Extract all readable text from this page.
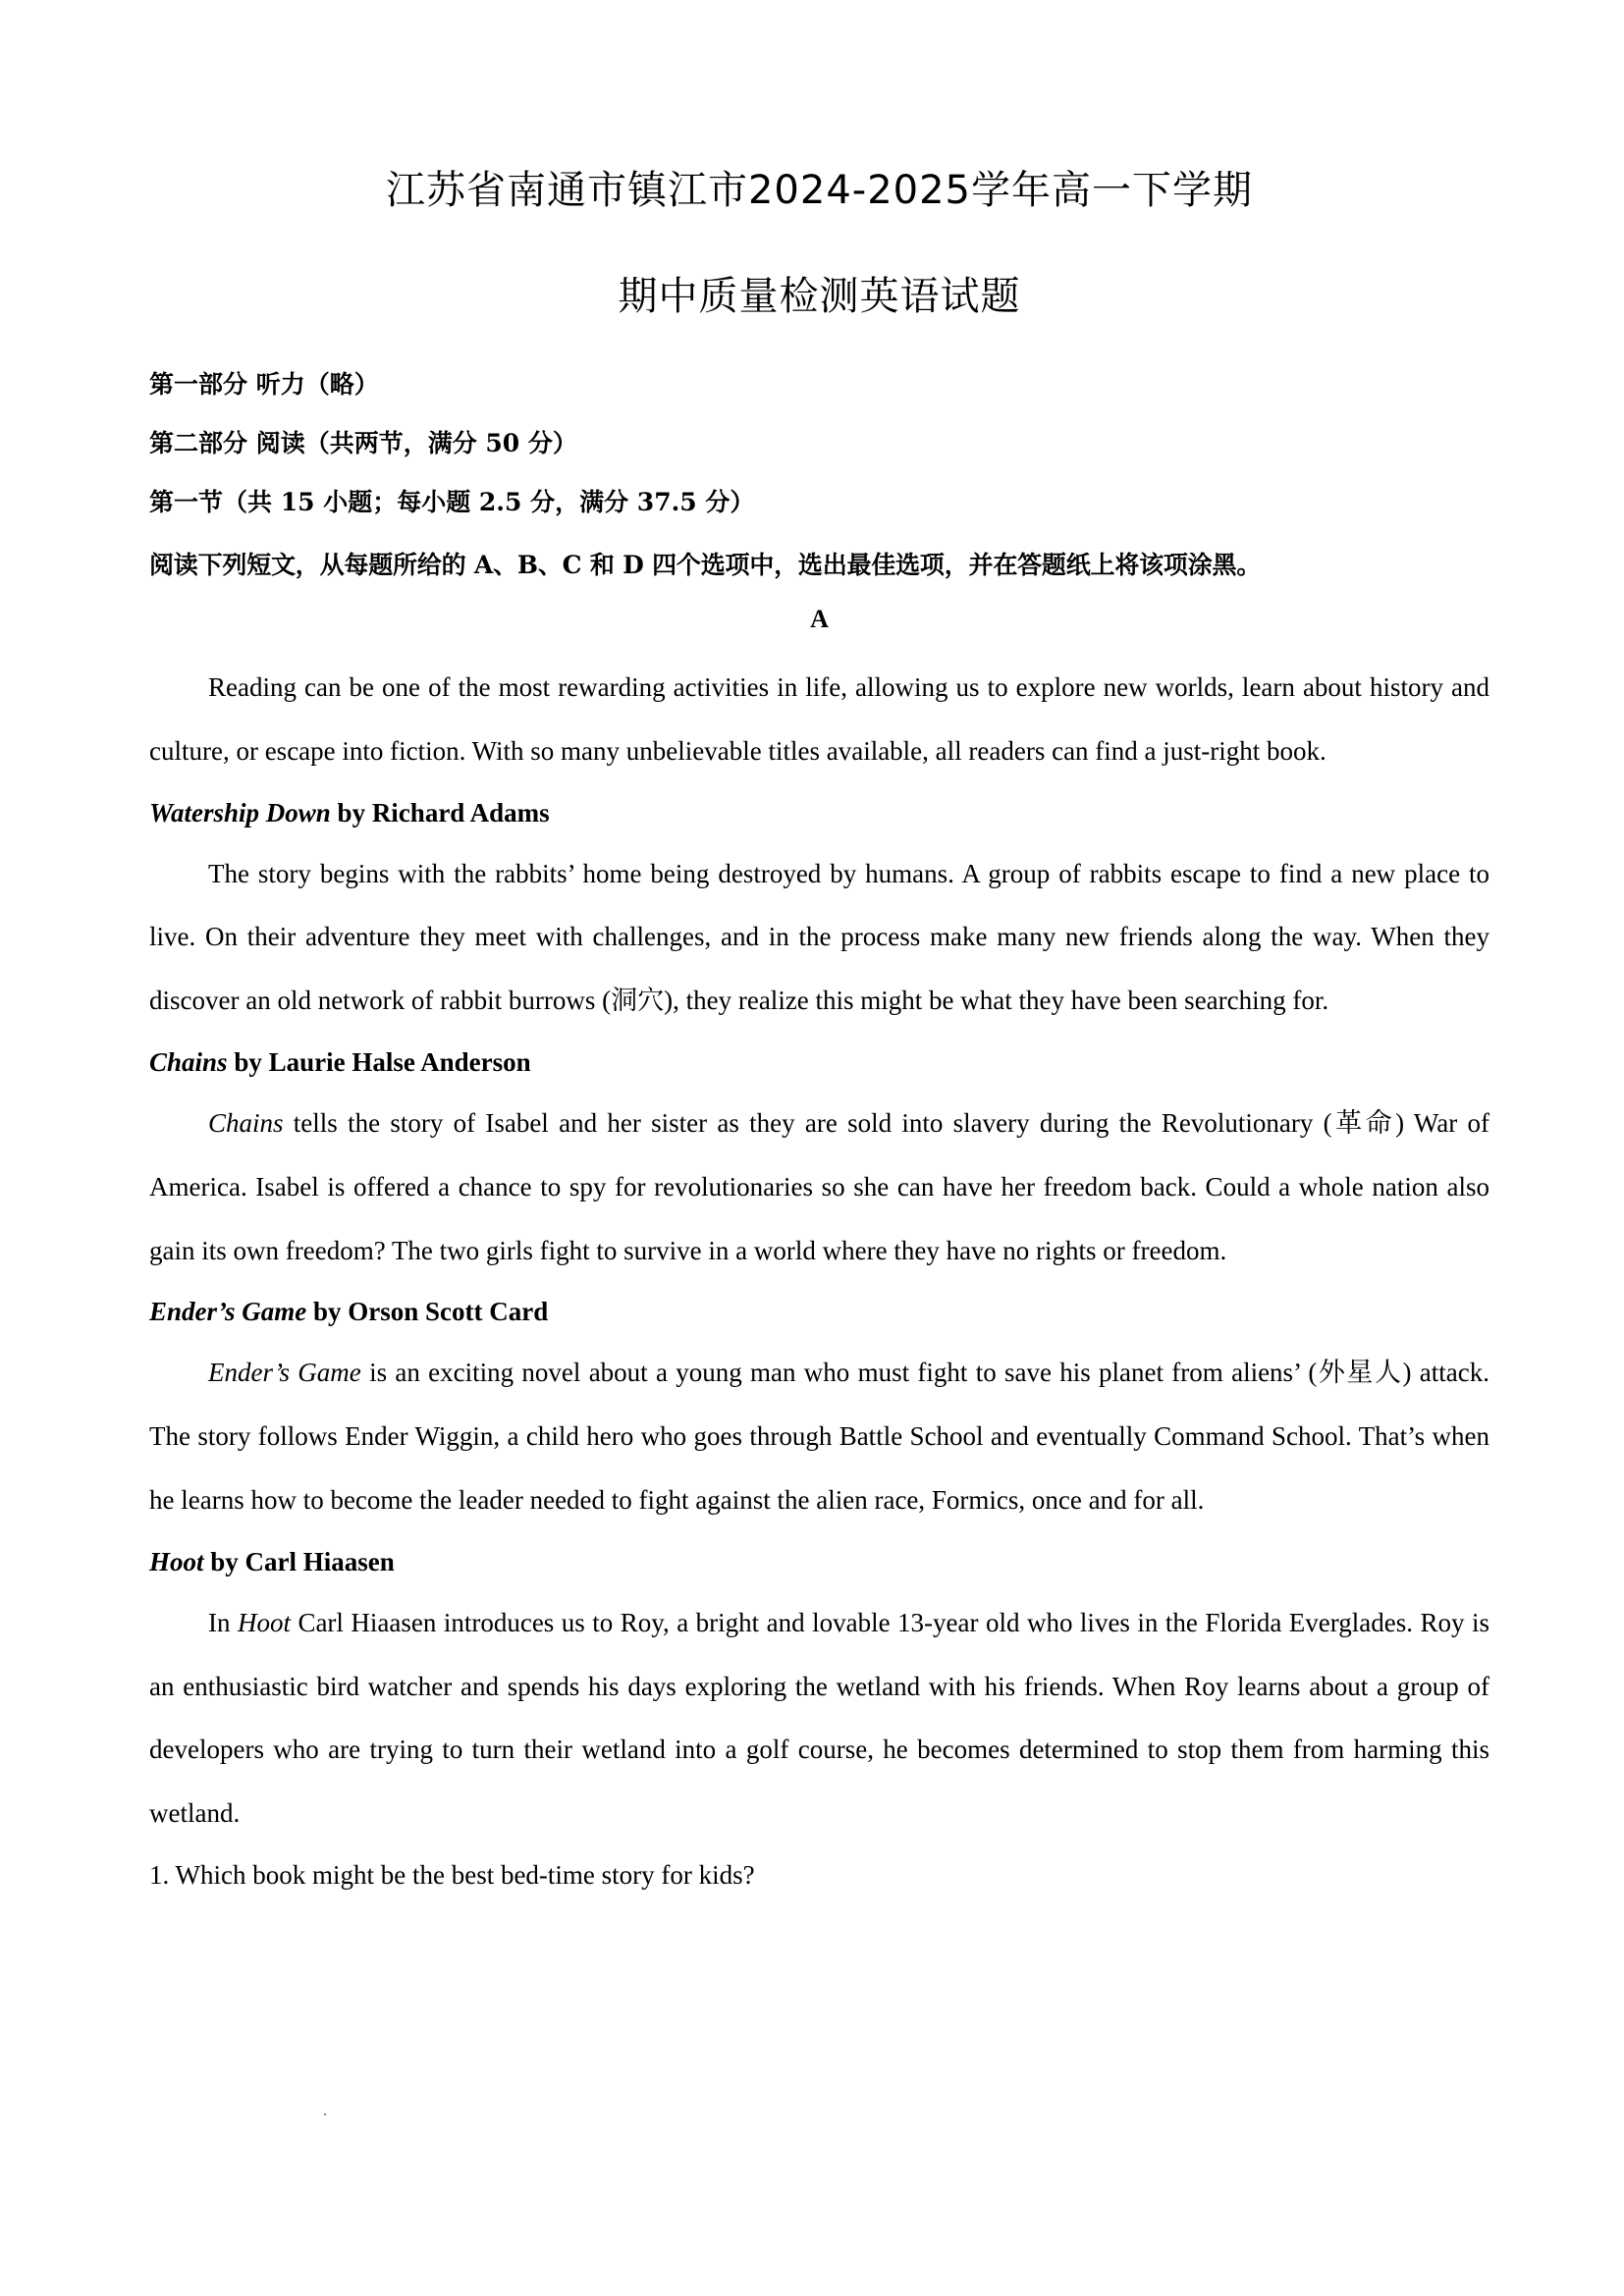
江苏省南通市镇江市2024-2025学年高一下学期
期中质量检测英语试题
第一部分 听力（略）
第二部分 阅读（共两节，满分 50 分）
第一节（共 15 小题；每小题 2.5 分，满分 37.5 分）
阅读下列短文，从每题所给的 A、B、C 和 D 四个选项中，选出最佳选项，并在答题纸上将该项涂黑。
A

Reading can be one of the most rewarding activities in life, allowing us to explore new worlds, learn about history and culture, or escape into fiction. With so many unbelievable titles available, all readers can find a just-right book.

Watership Down by Richard Adams

The story begins with the rabbits’ home being destroyed by humans. A group of rabbits escape to find a new place to live. On their adventure they meet with challenges, and in the process make many new friends along the way. When they discover an old network of rabbit burrows (洞穴), they realize this might be what they have been searching for.

Chains by Laurie Halse Anderson

Chains tells the story of Isabel and her sister as they are sold into slavery during the Revolutionary (革命) War of America. Isabel is offered a chance to spy for revolutionaries so she can have her freedom back. Could a whole nation also gain its own freedom? The two girls fight to survive in a world where they have no rights or freedom.

Ender’s Game by Orson Scott Card

Ender’s Game is an exciting novel about a young man who must fight to save his planet from aliens’ (外星人) attack. The story follows Ender Wiggin, a child hero who goes through Battle School and eventually Command School. That’s when he learns how to become the leader needed to fight against the alien race, Formics, once and for all.

Hoot by Carl Hiaasen

In Hoot Carl Hiaasen introduces us to Roy, a bright and lovable 13-year old who lives in the Florida Everglades. Roy is an enthusiastic bird watcher and spends his days exploring the wetland with his friends. When Roy learns about a group of developers who are trying to turn their wetland into a golf course, he becomes determined to stop them from harming this wetland.

1. Which book might be the best bed-time story for kids?
